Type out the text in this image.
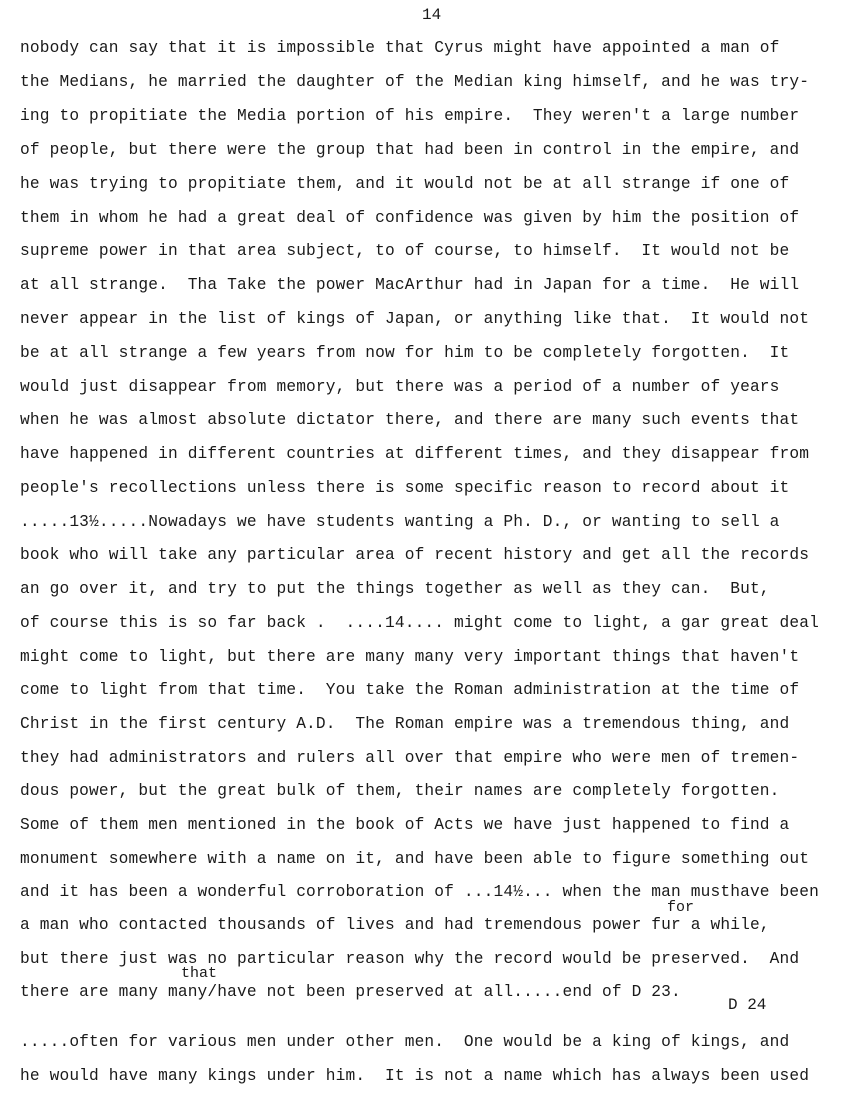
14
nobody can say that it is impossible that Cyrus might have appointed a man of
the Medians, he married the daughter of the Median king himself, and he was try-
ing to propitiate the Media portion of his empire.  They weren't a large number
of people, but there were the group that had been in control in the empire, and
he was trying to propitiate them, and it would not be at all strange if one of
them in whom he had a great deal of confidence was given by him the position of
supreme power in that area subject, to of course, to himself.  It would not be
at all strange.  Tha Take the power MacArthur had in Japan for a time.  He will
never appear in the list of kings of Japan, or anything like that.  It would not
be at all strange a few years from now for him to be completely forgotten.  It
would just disappear from memory, but there was a period of a number of years
when he was almost absolute dictator there, and there are many such events that
have happened in different countries at different times, and they disappear from
people's recollections unless there is some specific reason to record about it
.....13½.....Nowadays we have students wanting a Ph. D., or wanting to sell a
book who will take any particular area of recent history and get all the records
an go over it, and try to put the things together as well as they can.  But,
of course this is so far back .  ....14.... might come to light, a gar great deal
might come to light, but there are many many very important things that haven't
come to light from that time.  You take the Roman administration at the time of
Christ in the first century A.D.  The Roman empire was a tremendous thing, and
they had administrators and rulers all over that empire who were men of tremen-
dous power, but the great bulk of them, their names are completely forgotten.
Some of them men mentioned in the book of Acts we have just happened to find a
monument somewhere with a name on it, and have been able to figure something out
and it has been a wonderful corroboration of ...14½... when the man musthave been
for
a man who contacted thousands of lives and had tremendous power fur a while,
but there just was no particular reason why the record would be preserved.  And
that
there are many many/have not been preserved at all.....end of D 23.
D 24
.....often for various men under other men.  One would be a king of kings, and
he would have many kings under him.  It is not a name which has always been used
